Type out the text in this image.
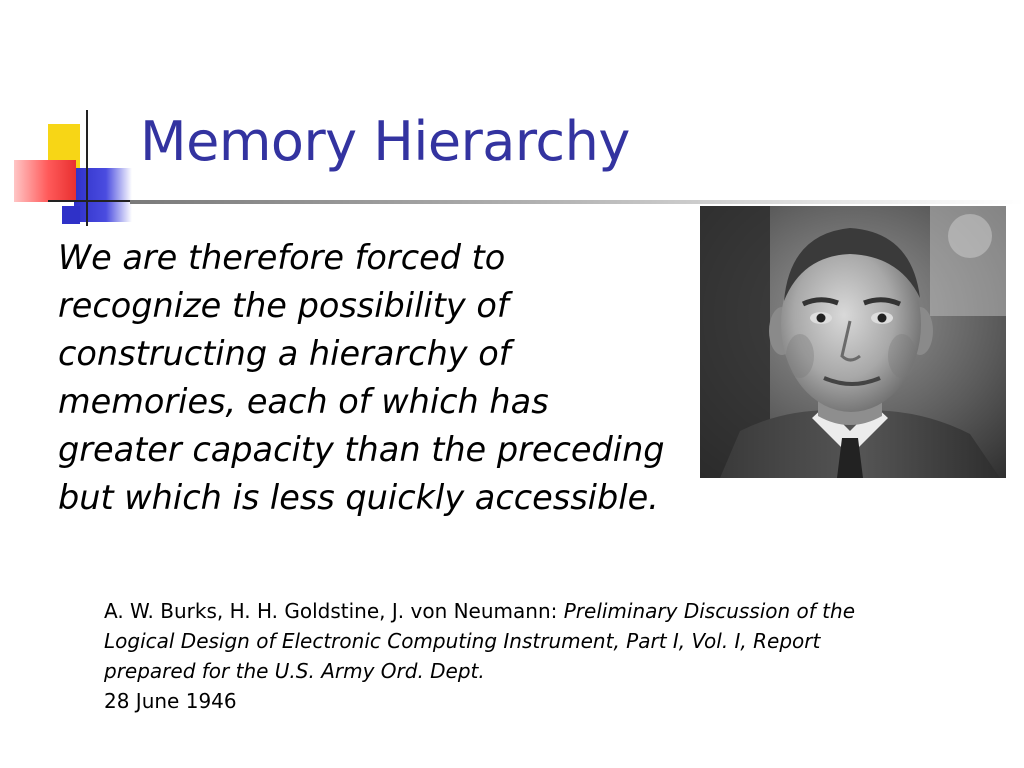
Memory Hierarchy

We are therefore forced to
recognize the possibility of
constructing a hierarchy of
memories, each of which has
greater capacity than the preceding
but which is less quickly accessible.

A. W. Burks, H. H. Goldstine, J. von Neumann: Preliminary Discussion of the
Logical Design of Electronic Computing Instrument, Part I, Vol. I, Report
prepared for the U.S. Army Ord. Dept.
28 June 1946
